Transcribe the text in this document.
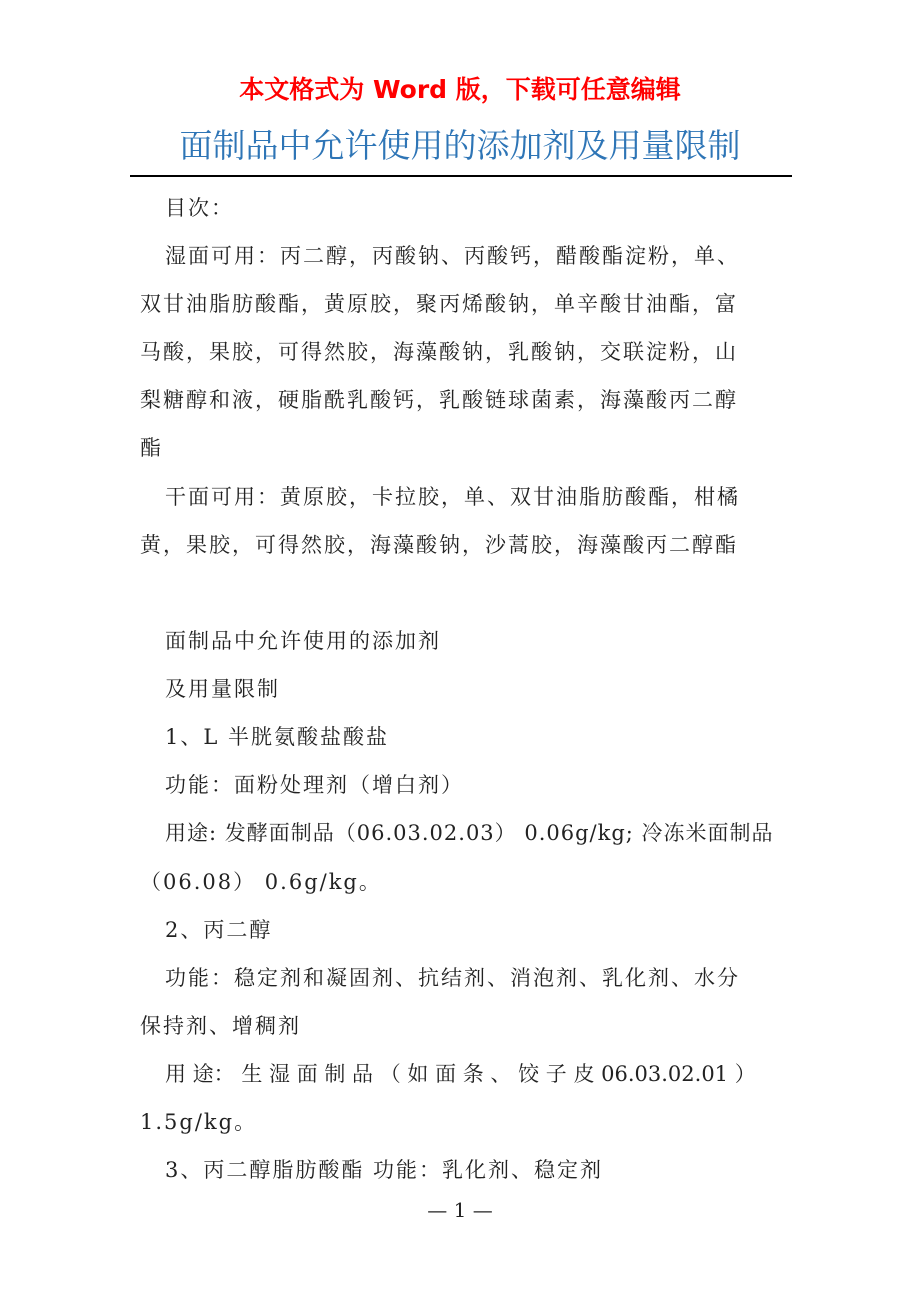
本文格式为 Word 版，下载可任意编辑
面制品中允许使用的添加剂及用量限制
目次：
湿面可用：丙二醇，丙酸钠、丙酸钙，醋酸酯淀粉，单、
双甘油脂肪酸酯，黄原胶，聚丙烯酸钠，单辛酸甘油酯，富
马酸，果胶，可得然胶，海藻酸钠，乳酸钠，交联淀粉，山
梨糖醇和液，硬脂酰乳酸钙，乳酸链球菌素，海藻酸丙二醇
酯
干面可用：黄原胶，卡拉胶，单、双甘油脂肪酸酯，柑橘
黄，果胶，可得然胶，海藻酸钠，沙蒿胶，海藻酸丙二醇酯
面制品中允许使用的添加剂
及用量限制
1、L 半胱氨酸盐酸盐
功能：面粉处理剂（增白剂）
用途: 发酵面制品（06.03.02.03） 0.06g/kg; 冷冻米面制品
（06.08） 0.6g/kg。
2、丙二醇
功能：稳定剂和凝固剂、抗结剂、消泡剂、乳化剂、水分
保持剂、增稠剂
用 途： 生 湿 面 制 品 （ 如 面 条 、 饺 子 皮 06.03.02.01 ）
1.5g/kg。
3、丙二醇脂肪酸酯 功能：乳化剂、稳定剂
— 1 —
